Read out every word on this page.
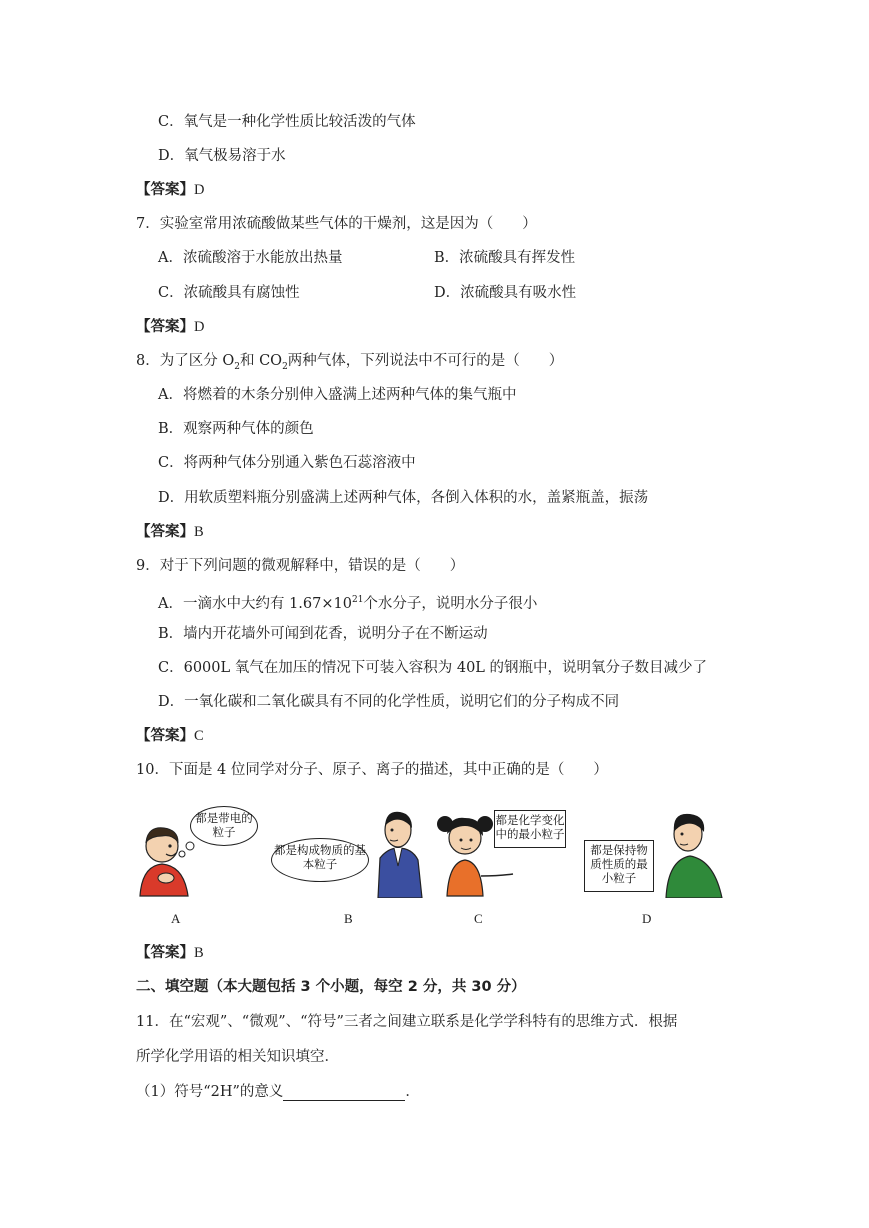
C．氧气是一种化学性质比较活泼的气体
D．氧气极易溶于水
【答案】D
7．实验室常用浓硫酸做某些气体的干燥剂，这是因为（　　）
A．浓硫酸溶于水能放出热量	B．浓硫酸具有挥发性
C．浓硫酸具有腐蚀性	D．浓硫酸具有吸水性
【答案】D
8．为了区分 $O_2$和 $CO_2$两种气体，下列说法中不可行的是（　　）
A．将燃着的木条分别伸入盛满上述两种气体的集气瓶中
B．观察两种气体的颜色
C．将两种气体分别通入紫色石蕊溶液中
D．用软质塑料瓶分别盛满上述两种气体，各倒入体积的水，盖紧瓶盖，振荡
【答案】B
9．对于下列问题的微观解释中，错误的是（　　）
A．一滴水中大约有 $1.67\times 10^{21}$个水分子，说明水分子很小
B．墙内开花墙外可闻到花香，说明分子在不断运动
C．6000L 氧气在加压的情况下可装入容积为 40L 的钢瓶中，说明氧分子数目减少了
D．一氧化碳和二氧化碳具有不同的化学性质，说明它们的分子构成不同
【答案】C
10．下面是 4 位同学对分子、原子、离子的描述，其中正确的是（　　）
都是带电的粒子
都是构成物质的基本粒子
都是化学变化中的最小粒子
都是保持物质性质的最小粒子
A	B	C	D
【答案】B
二、填空题（本大题包括 3 个小题，每空 2 分，共 30 分）
11．在“宏观”、“微观”、“符号”三者之间建立联系是化学学科特有的思维方式．根据
所学化学用语的相关知识填空．
（1）符号“2H”的意义	．
